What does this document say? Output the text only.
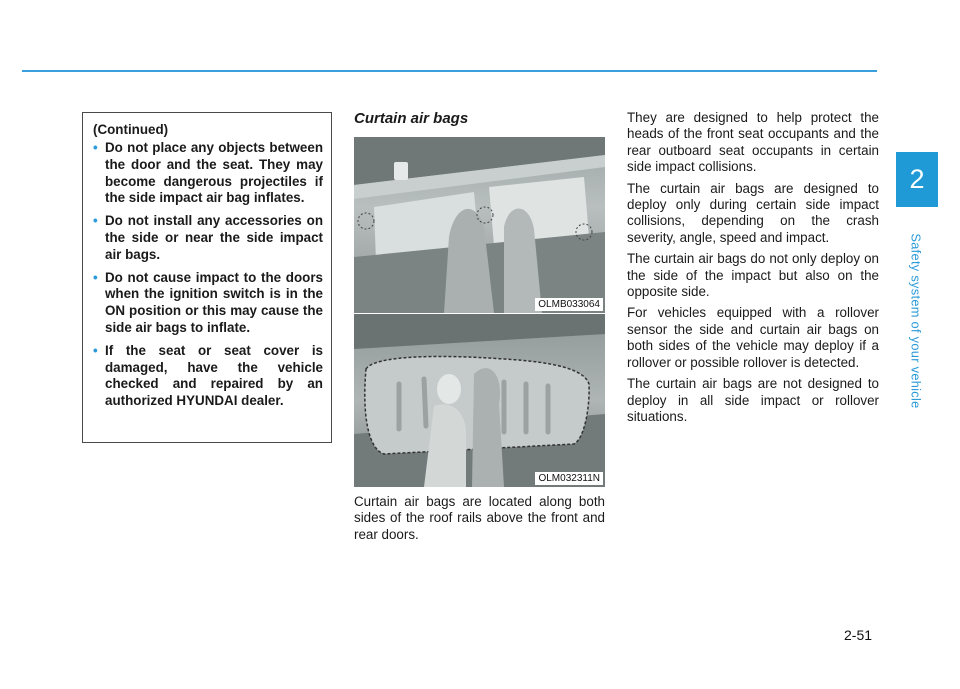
2
Safety system of your vehicle
(Continued)
• Do not place any objects between the door and the seat. They may become dangerous projectiles if the side impact air bag inflates.
• Do not install any accessories on the side or near the side impact air bags.
• Do not cause impact to the doors when the ignition switch is in the ON position or this may cause the side air bags to inflate.
• If the seat or seat cover is damaged, have the vehicle checked and repaired by an authorized HYUNDAI dealer.
Curtain air bags
OLMB033064
OLM032311N
Curtain air bags are located along both sides of the roof rails above the front and rear doors.

They are designed to help protect the heads of the front seat occupants and the rear outboard seat occupants in certain side impact collisions.

The curtain air bags are designed to deploy only during certain side impact collisions, depending on the crash severity, angle, speed and impact.

The curtain air bags do not only deploy on the side of the impact but also on the opposite side.

For vehicles equipped with a rollover sensor the side and curtain air bags on both sides of the vehicle may deploy if a rollover or possible rollover is detected.

The curtain air bags are not designed to deploy in all side impact or rollover situations.

2-51
